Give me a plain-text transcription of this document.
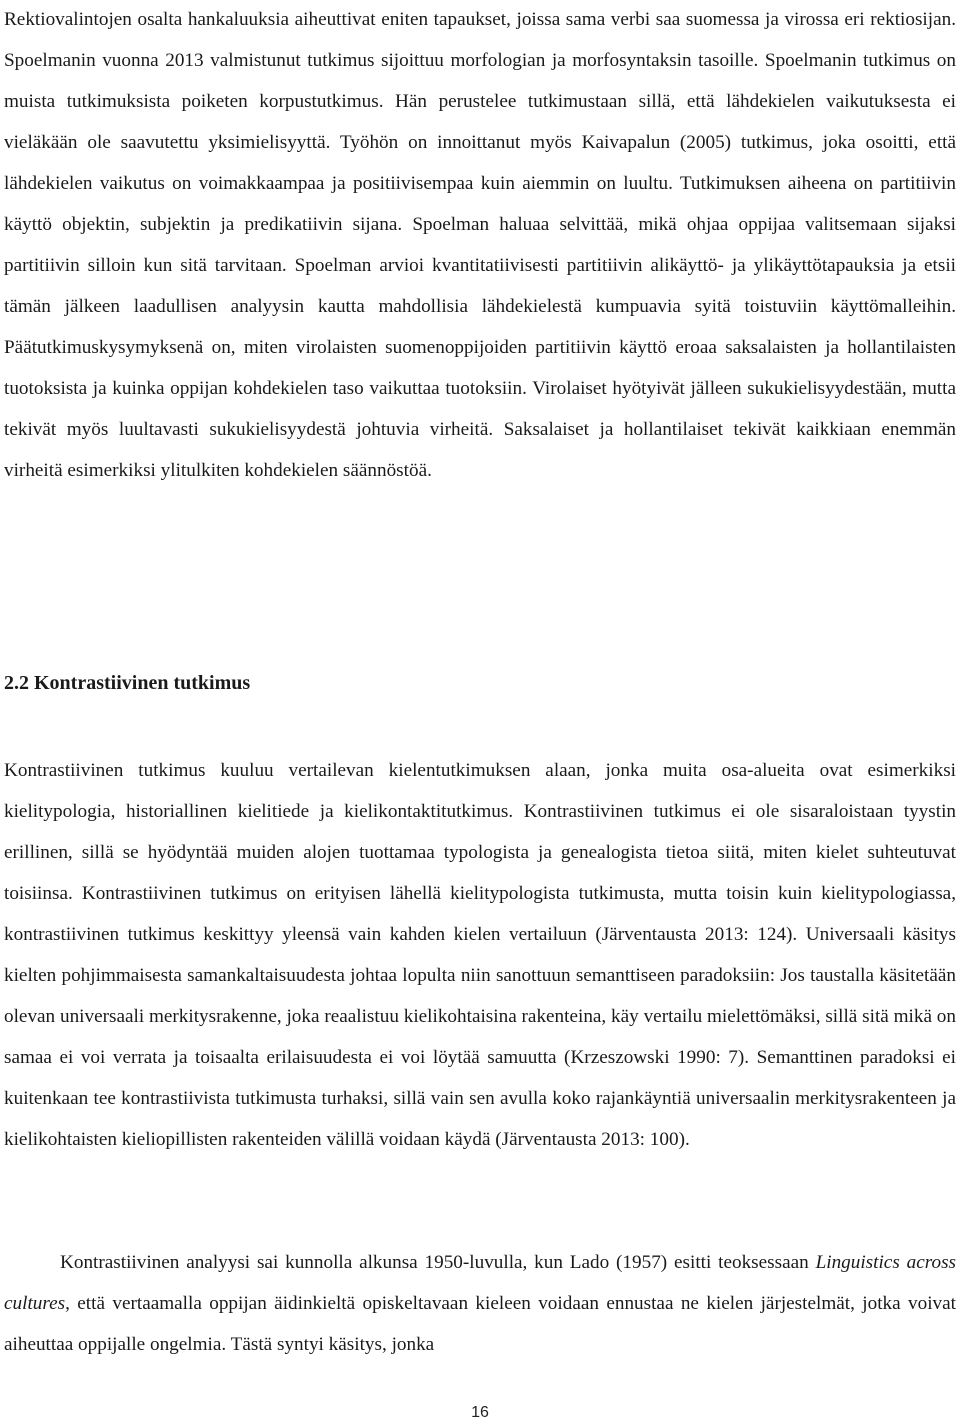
Rektiovalintojen osalta hankaluuksia aiheuttivat eniten tapaukset, joissa sama verbi saa suomessa ja virossa eri rektiosijan. Spoelmanin vuonna 2013 valmistunut tutkimus sijoittuu morfologian ja morfosyntaksin tasoille. Spoelmanin tutkimus on muista tutkimuksista poiketen korpustutkimus. Hän perustelee tutkimustaan sillä, että lähdekielen vaikutuksesta ei vieläkään ole saavutettu yksimielisyyttä. Työhön on innoittanut myös Kaivapalun (2005) tutkimus, joka osoitti, että lähdekielen vaikutus on voimakkaampaa ja positiivisempaa kuin aiemmin on luultu. Tutkimuksen aiheena on partitiivin käyttö objektin, subjektin ja predikatiivin sijana. Spoelman haluaa selvittää, mikä ohjaa oppijaa valitsemaan sijaksi partitiivin silloin kun sitä tarvitaan. Spoelman arvioi kvantitatiivisesti partitiivin alikäyttö- ja ylikäyttötapauksia ja etsii tämän jälkeen laadullisen analyysin kautta mahdollisia lähdekielestä kumpuavia syitä toistuviin käyttömalleihin. Päätutkimuskysymyksenä on, miten virolaisten suomenoppijoiden partitiivin käyttö eroaa saksalaisten ja hollantilaisten tuotoksista ja kuinka oppijan kohdekielen taso vaikuttaa tuotoksiin. Virolaiset hyötyivät jälleen sukukielisyydestään, mutta tekivät myös luultavasti sukukielisyydestä johtuvia virheitä. Saksalaiset ja hollantilaiset tekivät kaikkiaan enemmän virheitä esimerkiksi ylitulkiten kohdekielen säännöstöä.

2.2 Kontrastiivinen tutkimus

Kontrastiivinen tutkimus kuuluu vertailevan kielentutkimuksen alaan, jonka muita osa-alueita ovat esimerkiksi kielitypologia, historiallinen kielitiede ja kielikontaktitutkimus. Kontrastiivinen tutkimus ei ole sisaraloistaan tyystin erillinen, sillä se hyödyntää muiden alojen tuottamaa typologista ja genealogista tietoa siitä, miten kielet suhteutuvat toisiinsa. Kontrastiivinen tutkimus on erityisen lähellä kielitypologista tutkimusta, mutta toisin kuin kielitypologiassa, kontrastiivinen tutkimus keskittyy yleensä vain kahden kielen vertailuun (Järventausta 2013: 124). Universaali käsitys kielten pohjimmaisesta samankaltaisuudesta johtaa lopulta niin sanottuun semanttiseen paradoksiin: Jos taustalla käsitetään olevan universaali merkitysrakenne, joka reaalistuu kielikohtaisina rakenteina, käy vertailu mielettömäksi, sillä sitä mikä on samaa ei voi verrata ja toisaalta erilaisuudesta ei voi löytää samuutta (Krzeszowski 1990: 7). Semanttinen paradoksi ei kuitenkaan tee kontrastiivista tutkimusta turhaksi, sillä vain sen avulla koko rajankäyntiä universaalin merkitysrakenteen ja kielikohtaisten kieliopillisten rakenteiden välillä voidaan käydä (Järventausta 2013: 100).

Kontrastiivinen analyysi sai kunnolla alkunsa 1950-luvulla, kun Lado (1957) esitti teoksessaan Linguistics across cultures, että vertaamalla oppijan äidinkieltä opiskeltavaan kieleen voidaan ennustaa ne kielen järjestelmät, jotka voivat aiheuttaa oppijalle ongelmia. Tästä syntyi käsitys, jonka

16
